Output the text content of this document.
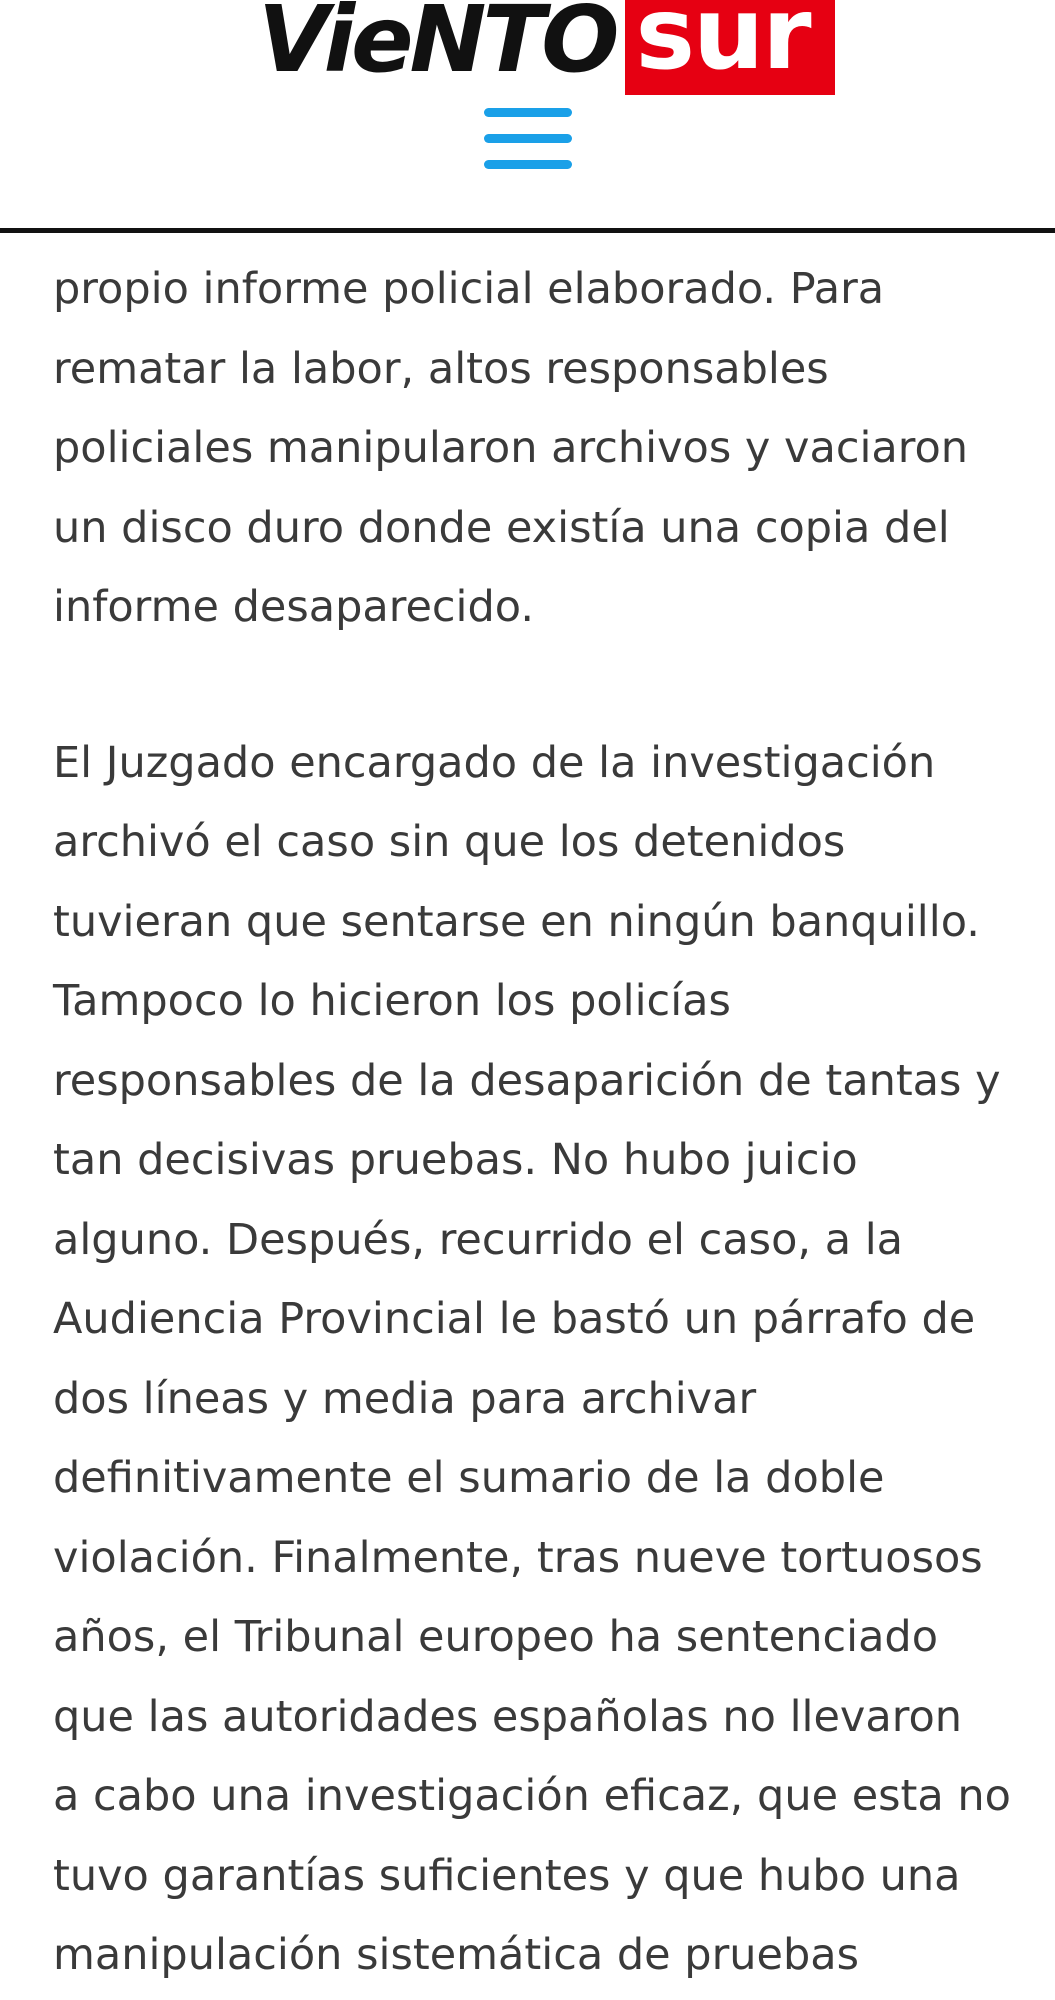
VieNTO sur

propio informe policial elaborado. Para
rematar la labor, altos responsables
policiales manipularon archivos y vaciaron
un disco duro donde existía una copia del
informe desaparecido.

El Juzgado encargado de la investigación
archivó el caso sin que los detenidos
tuvieran que sentarse en ningún banquillo.
Tampoco lo hicieron los policías
responsables de la desaparición de tantas y
tan decisivas pruebas. No hubo juicio
alguno. Después, recurrido el caso, a la
Audiencia Provincial le bastó un párrafo de
dos líneas y media para archivar
definitivamente el sumario de la doble
violación. Finalmente, tras nueve tortuosos
años, el Tribunal europeo ha sentenciado
que las autoridades españolas no llevaron
a cabo una investigación eficaz, que esta no
tuvo garantías suficientes y que hubo una
manipulación sistemática de pruebas
